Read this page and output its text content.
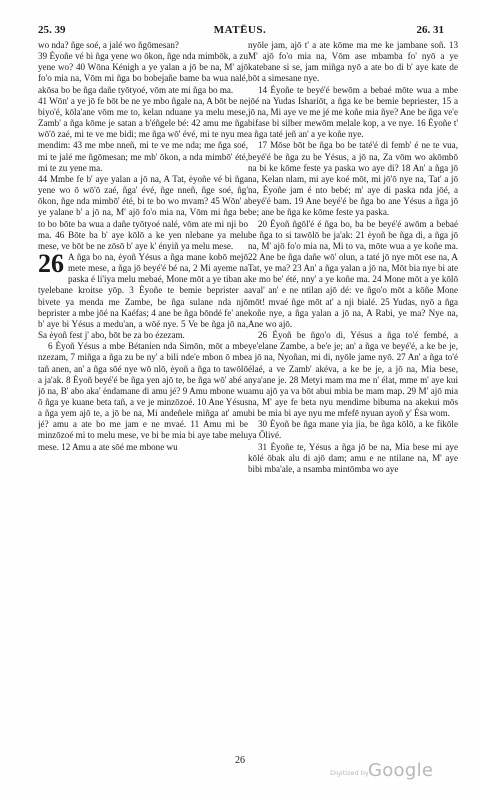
25. 39	MATĒUS.	26. 31

wo nda? ñge soé, a jalé wo ñgōmesan?

39 Ėyoñe vé bi ñga yene wo ōkon, ñge nda mimbōk, a zu yene wo? 40 Wōna Kénigh a ye yalan a jō be na, M' ajō fo'o mia na, Vōm mi ñga bo bobejañe bame ba wua nalé, akōsa bo be ñga dañe tyōtyoé, vōm ate mi ñga bo ma.

41 Wōn' a ye jō fe bōt be ne ye mbo ñgale na, A bōt be ne biyo'é, kōla'ane vōm me to, kelan nduane ya melu mese, Zamb' a ñga kōme je satan a b'éñgele bé: 42 amu me ñga wō'ō zaé, mi te ve me bidi; me ñga wō' évé, mi te nyu me mendim: 43 me mbe nneñ, mi te ve me nda; me ñga soé, mi te jalé me ñgōmesan; me mb' ōkon, a nda mimbō' été, mi te zu yene ma.

44 Mmbe fe b' aye yalan a jō na, A Tat, ėyoñe vé bi ñga yene wo ō wō'ō zaé, ñga' évé, ñge nneñ, ñge soé, ñg' ōkon, ñge nda mimbō' été, bi te bo wo mvam? 45 Wōn' a ye yalane b' a jō na, M' ajō fo'o mia na, Vōm mi ñga be to bo bōte ba wua a dañe tyōtyoé nalé, vōm ate mi nji bo ma. 46 Bōte ba b' aye kōlō a ke yen nlebane ya melu mese, ve bōt be ne zōsō b' aye k' ényiñ ya melu mese.

26 A ñga bo na, ėyoñ Yésus a ñga mane kobō mejō mete mese, a ñga jō beyé'é bé na, 2 Mi ayeme na paska é li'iya melu mebaé, Mone mōt a ye tiban a tyelebane kroitse yōp. 3 Ėyoñe te bemie beprister a bivete ya menda me Zambe, be ñga sulane nda njō beprister a mbe jōé na Kaéfas; 4 ane be ñga bōndé fe' ane b' aye bi Yésus a medu'an, a wōé nye. 5 Ve be ñga jō na, Sa ėyoñ fest j' abo, bōt be za bo ézezam.

6 Ėyoñ Yésus a mbe Bétanien nda Simōn, mōt a mbe nzezam, 7 miñga a ñga zu be ny' a bili nde'e mbon ō mbe tañ anen, an' a ñga sōé nye wō nlō, ėyoñ a ñga to tawōlō a ja'ak. 8 Ėyoñ beyé'é be ñga yen ajō te, be ñga wō' abé a jō na, B' abo aka' ėndamane di amu jé? 9 Amu mbone wu ō ñga ye kuane beta tañ, a ve je minzōzoé. 10 Ane Yésus a ñga yem ajō te, a jō be na, Mi andeñele miñga at' amu jé? amu a ate bo me jam e ne mvaé. 11 Amu mi be minzōzoé mi to melu mese, ve bi be mia bi aye tabe melu mese. 12 Amu a ate sōé me mbone wu

nyōle jam, ajō t' a ate kōme ma me ke jambane soñ. 13 M' ajō fo'o mia na, Vōm ase mbamba fo' nyō a ye katebane si se, jam miñga nyō a ate bo di b' aye kate de bōt a simesane nye.

14 Ėyoñe te beyé'é bewōm a bebaé mōte wua a mbe jōé na Yudas Ishariōt, a ñga ke be bemie bepriester, 15 a jō na, Mi aye ve me jé me koñe mia ñye? Ane be ñga ve'e bifase bi silber mewōm melale kop, a ve nye. 16 Ėyoñe t' a ñga taté jeñ an' a ye koñe nye.

17 Mōse bōt be ñga bo be taté'é di femb' é ne te vua, beyé'é be ñga zu be Yésus, a jō na, Za vōm wo akōmbō na bi ke kōme feste ya paska wo aye di? 18 An' a ñga jō na, Kelan nlam, mi aye koé mōt, mi jō'ō nye na, Tat' a jō na, Ėyoñe jam é nto bebé; m' aye di paska nda jōé, a beyé'é bam. 19 Ane beyé'é be ñga bo ane Yésus a ñga jō be; ane be ñga ke kōme feste ya paska.

20 Ėyoñ ñgōl'é é ñga bo, ba be beyé'é awōm a bebaé be ñga to si tawōlō be ja'ak: 21 ėyoñ be ñga di, a ñga jō na, M' ajō fo'o mia na, Mi to va, mōte wua a ye koñe ma. 22 Ane be ñga dañe wō' olun, a taté jō nye mōt ese na, A Tat, ye ma? 23 An' a ñga yalan a jō na, Mōt bia nye bi ate ke mo be' été, nny' a ye koñe ma. 24 Mone mōt a ye kōlō aval' an' e ne ntilan ajō dé: ve ñgo'o mōt a kōñe Mone mōt! mvaé ñge mōt at' a nji bialé. 25 Yudas, nyō a ñga koñe nye, a ñga yalan a jō na, A Rabi, ye ma? Nye na, Ane wo ajō.

26 Ėyoñ be ñgo'o di, Yésus a ñga to'é fembé, a ye'elane Zambe, a be'e je; an' a ñga ve beyé'é, a ke be je, a jō na, Nyoñan, mi di, nyōle jame nyō. 27 An' a ñga to'é élaé, a ve Zamb' akéva, a ke be je, a jō na, Mia bese, nya'ane je. 28 Metyi mam ma me n' élat, mme m' aye kui amu ajō ya va bōt abui mbia be mam map. 29 M' ajō mia na, M' aye fe beta nyu mendime bibuma na akekui mōs bi be mia bi aye nyu me mfefē nyuan ayoñ y' Ésa wom.

30 Ėyoñ be ñga mane yia jia, be ñga kōlō, a ke fikōle ya Ōlivé.

31 Ėyoñe te, Yésus a ñga jō be na, Mia bese mi aye kōlé ōbak alu di ajō dam; amu e ne ntilane na, M' aye bibi mba'ale, a nsamba mintōmba wo aye

26
Digitized by Google
